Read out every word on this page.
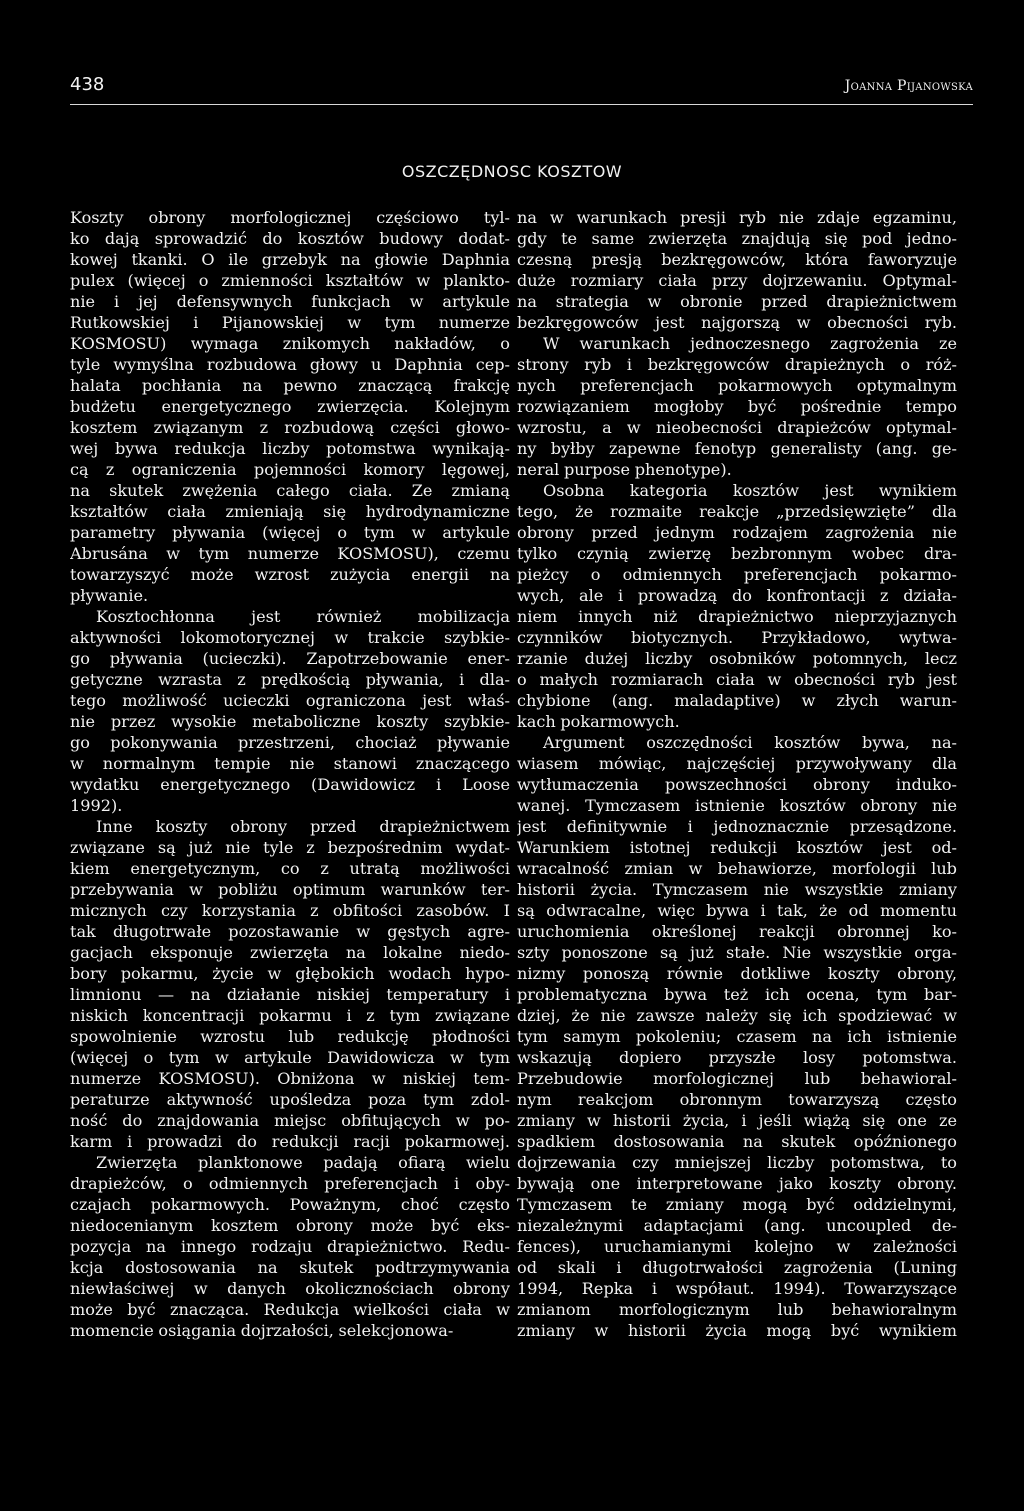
438	Joanna Pijanowska
OSZCZĘDNOSC KOSZTOW
Koszty obrony morfologicznej częściowo tyl-
ko dają sprowadzić do kosztów budowy dodat-
kowej tkanki. O ile grzebyk na głowie Daphnia
pulex (więcej o zmienności kształtów w plankto-
nie i jej defensywnych funkcjach w artykule
Rutkowskiej i Pijanowskiej w tym numerze
KOSMOSU) wymaga znikomych nakładów, o
tyle wymyślna rozbudowa głowy u Daphnia cep-
halata pochłania na pewno znaczącą frakcję
budżetu energetycznego zwierzęcia. Kolejnym
kosztem związanym z rozbudową części głowo-
wej bywa redukcja liczby potomstwa wynikają-
cą z ograniczenia pojemności komory lęgowej,
na skutek zwężenia całego ciała. Ze zmianą
kształtów ciała zmieniają się hydrodynamiczne
parametry pływania (więcej o tym w artykule
Abrusána w tym numerze KOSMOSU), czemu
towarzyszyć może wzrost zużycia energii na
pływanie.
Kosztochłonna jest również mobilizacja
aktywności lokomotorycznej w trakcie szybkie-
go pływania (ucieczki). Zapotrzebowanie ener-
getyczne wzrasta z prędkością pływania, i dla-
tego możliwość ucieczki ograniczona jest właś-
nie przez wysokie metaboliczne koszty szybkie-
go pokonywania przestrzeni, chociaż pływanie
w normalnym tempie nie stanowi znaczącego
wydatku energetycznego (Dawidowicz i Loose
1992).
Inne koszty obrony przed drapieżnictwem
związane są już nie tyle z bezpośrednim wydat-
kiem energetycznym, co z utratą możliwości
przebywania w pobliżu optimum warunków ter-
micznych czy korzystania z obfitości zasobów. I
tak długotrwałe pozostawanie w gęstych agre-
gacjach eksponuje zwierzęta na lokalne niedo-
bory pokarmu, życie w głębokich wodach hypo-
limnionu — na działanie niskiej temperatury i
niskich koncentracji pokarmu i z tym związane
spowolnienie wzrostu lub redukcję płodności
(więcej o tym w artykule Dawidowicza w tym
numerze KOSMOSU). Obniżona w niskiej tem-
peraturze aktywność upośledza poza tym zdol-
ność do znajdowania miejsc obfitujących w po-
karm i prowadzi do redukcji racji pokarmowej.
Zwierzęta planktonowe padają ofiarą wielu
drapieżców, o odmiennych preferencjach i oby-
czajach pokarmowych. Poważnym, choć często
niedocenianym kosztem obrony może być eks-
pozycja na innego rodzaju drapieżnictwo. Redu-
kcja dostosowania na skutek podtrzymywania
niewłaściwej w danych okolicznościach obrony
może być znacząca. Redukcja wielkości ciała w
momencie osiągania dojrzałości, selekcjonowa-
na w warunkach presji ryb nie zdaje egzaminu,
gdy te same zwierzęta znajdują się pod jedno-
czesną presją bezkręgowców, która faworyzuje
duże rozmiary ciała przy dojrzewaniu. Optymal-
na strategia w obronie przed drapieżnictwem
bezkręgowców jest najgorszą w obecności ryb.
W warunkach jednoczesnego zagrożenia ze
strony ryb i bezkręgowców drapieżnych o róż-
nych preferencjach pokarmowych optymalnym
rozwiązaniem mogłoby być pośrednie tempo
wzrostu, a w nieobecności drapieżców optymal-
ny byłby zapewne fenotyp generalisty (ang. ge-
neral purpose phenotype).
Osobna kategoria kosztów jest wynikiem
tego, że rozmaite reakcje „przedsięwzięte” dla
obrony przed jednym rodzajem zagrożenia nie
tylko czynią zwierzę bezbronnym wobec dra-
pieżcy o odmiennych preferencjach pokarmo-
wych, ale i prowadzą do konfrontacji z działa-
niem innych niż drapieżnictwo nieprzyjaznych
czynników biotycznych. Przykładowo, wytwa-
rzanie dużej liczby osobników potomnych, lecz
o małych rozmiarach ciała w obecności ryb jest
chybione (ang. maladaptive) w złych warun-
kach pokarmowych.
Argument oszczędności kosztów bywa, na-
wiasem mówiąc, najczęściej przywoływany dla
wytłumaczenia powszechności obrony indukо-
wanej. Tymczasem istnienie kosztów obrony nie
jest definitywnie i jednoznacznie przesądzone.
Warunkiem istotnej redukcji kosztów jest od-
wracalność zmian w behawiorze, morfologii lub
historii życia. Tymczasem nie wszystkie zmiany
są odwracalne, więc bywa i tak, że od momentu
uruchomienia określonej reakcji obronnej ko-
szty ponoszone są już stałe. Nie wszystkie orga-
nizmy ponoszą równie dotkliwe koszty obrony,
problematyczna bywa też ich ocena, tym bar-
dziej, że nie zawsze należy się ich spodziewać w
tym samym pokoleniu; czasem na ich istnienie
wskazują dopiero przyszłe losy potomstwa.
Przebudowie morfologicznej lub behawioral-
nym reakcjom obronnym towarzyszą często
zmiany w historii życia, i jeśli wiążą się one ze
spadkiem dostosowania na skutek opóźnionego
dojrzewania czy mniejszej liczby potomstwa, to
bywają one interpretowane jako koszty obrony.
Tymczasem te zmiany mogą być oddzielnymi,
niezależnymi adaptacjami (ang. uncoupled de-
fences), uruchamianymi kolejno w zależności
od skali i długotrwałości zagrożenia (Luning
1994, Repka i współaut. 1994). Towarzyszące
zmianom morfologicznym lub behawioralnym
zmiany w historii życia mogą być wynikiem
